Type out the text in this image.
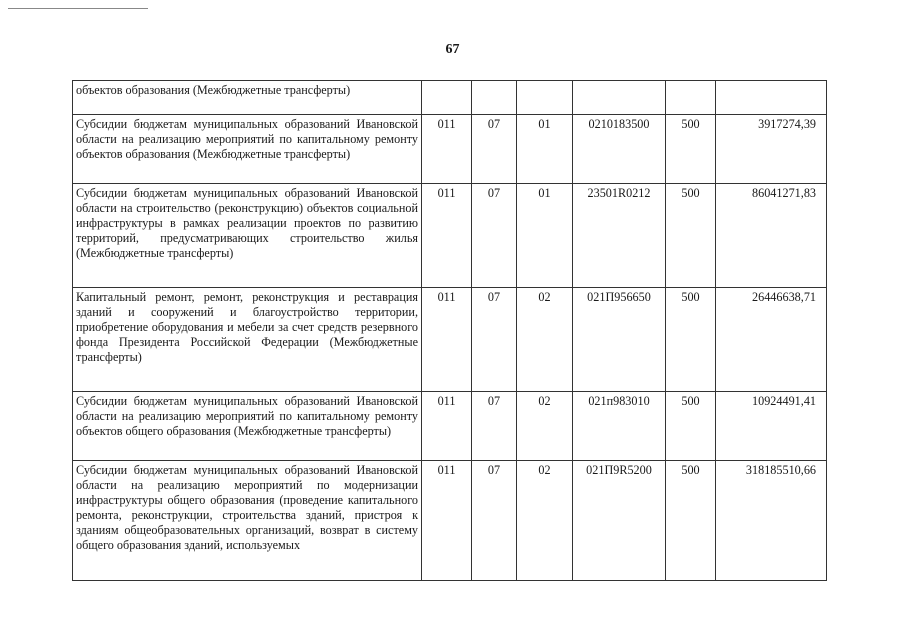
67
объектов образования (Межбюджетные трансферты)						
Субсидии бюджетам муниципальных образований Ивановской области на реализацию мероприятий по капитальному ремонту объектов образования (Межбюджетные трансферты)	011	07	01	0210183500	500	3917274,39
Субсидии бюджетам муниципальных образований Ивановской области на строительство (реконструкцию) объектов социальной инфраструктуры в рамках реализации проектов по развитию территорий, предусматривающих строительство жилья (Межбюджетные трансферты)	011	07	01	23501R0212	500	86041271,83
Капитальный ремонт, ремонт, реконструкция и реставрация зданий и сооружений и благоустройство территории, приобретение оборудования и мебели за счет средств резервного фонда Президента Российской Федерации (Межбюджетные трансферты)	011	07	02	021П956650	500	26446638,71
Субсидии бюджетам муниципальных образований Ивановской области на реализацию мероприятий по капитальному ремонту объектов общего образования (Межбюджетные трансферты)	011	07	02	021п983010	500	10924491,41
Субсидии бюджетам муниципальных образований Ивановской области на реализацию мероприятий по модернизации инфраструктуры общего образования (проведение капитального ремонта, реконструкции, строительства зданий, пристроя к зданиям общеобразовательных организаций, возврат в систему общего образования зданий, используемых	011	07	02	021П9R5200	500	318185510,66
